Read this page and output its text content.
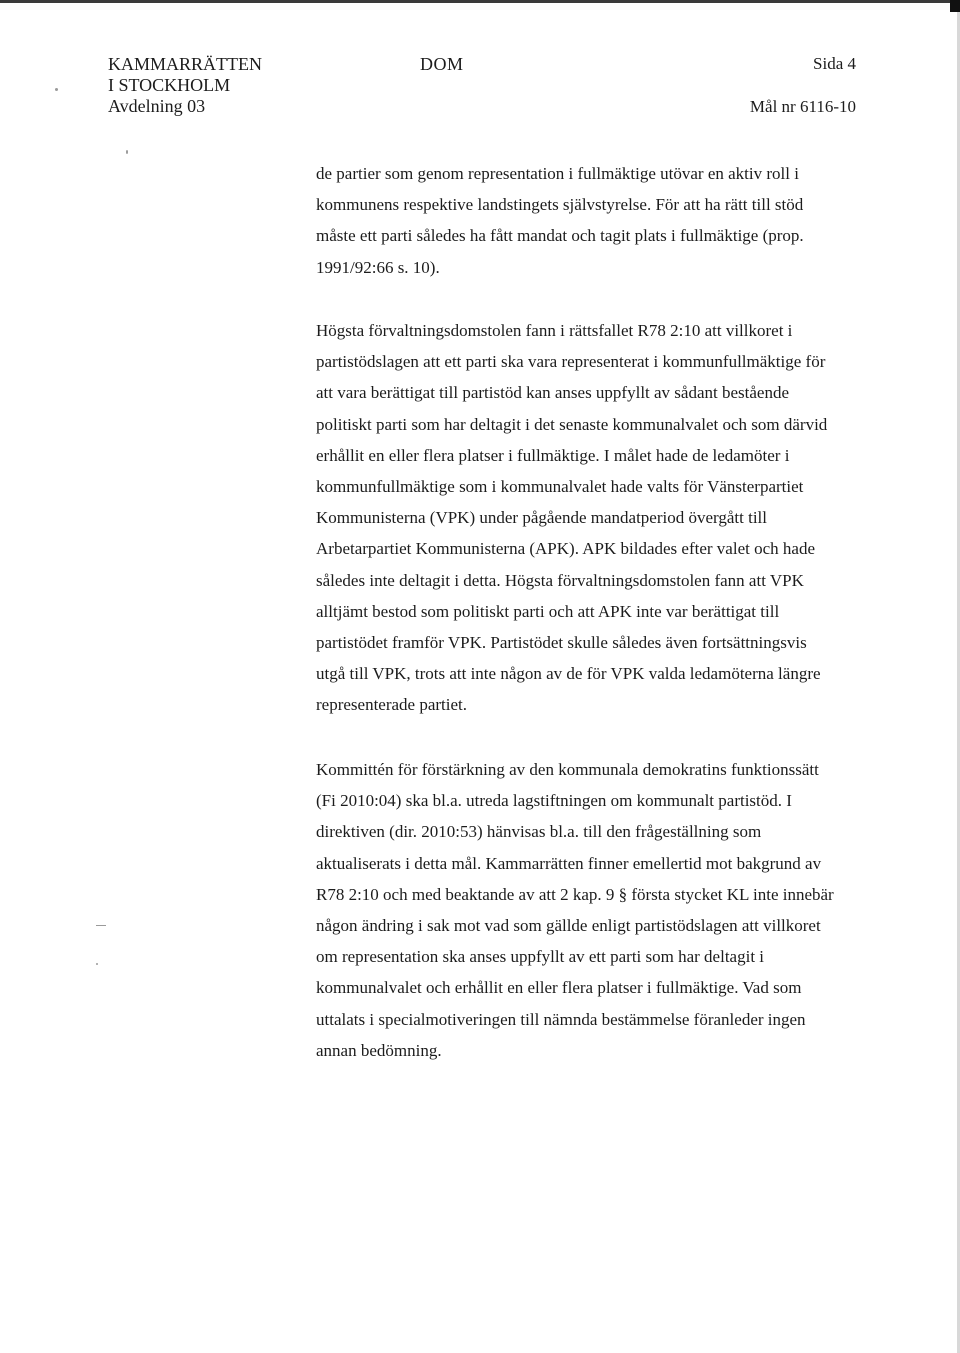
KAMMARRÄTTEN
I STOCKHOLM
Avdelning 03
DOM	Sida 4
Mål nr 6116-10
de partier som genom representation i fullmäktige utövar en aktiv roll i
kommunens respektive landstingets självstyrelse. För att ha rätt till stöd
måste ett parti således ha fått mandat och tagit plats i fullmäktige (prop.
1991/92:66 s. 10).
Högsta förvaltningsdomstolen fann i rättsfallet R78 2:10 att villkoret i
partistödslagen att ett parti ska vara representerat i kommunfullmäktige för
att vara berättigat till partistöd kan anses uppfyllt av sådant bestående
politiskt parti som har deltagit i det senaste kommunalvalet och som därvid
erhållit en eller flera platser i fullmäktige. I målet hade de ledamöter i
kommunfullmäktige som i kommunalvalet hade valts för Vänsterpartiet
Kommunisterna (VPK) under pågående mandatperiod övergått till
Arbetarpartiet Kommunisterna (APK). APK bildades efter valet och hade
således inte deltagit i detta. Högsta förvaltningsdomstolen fann att VPK
alltjämt bestod som politiskt parti och att APK inte var berättigat till
partistödet framför VPK. Partistödet skulle således även fortsättningsvis
utgå till VPK, trots att inte någon av de för VPK valda ledamöterna längre
representerade partiet.
Kommittén för förstärkning av den kommunala demokratins funktionssätt
(Fi 2010:04) ska bl.a. utreda lagstiftningen om kommunalt partistöd. I
direktiven (dir. 2010:53) hänvisas bl.a. till den frågeställning som
aktualiserats i detta mål. Kammarrätten finner emellertid mot bakgrund av
R78 2:10 och med beaktande av att 2 kap. 9 § första stycket KL inte innebär
någon ändring i sak mot vad som gällde enligt partistödslagen att villkoret
om representation ska anses uppfyllt av ett parti som har deltagit i
kommunalvalet och erhållit en eller flera platser i fullmäktige. Vad som
uttalats i specialmotiveringen till nämnda bestämmelse föranleder ingen
annan bedömning.
